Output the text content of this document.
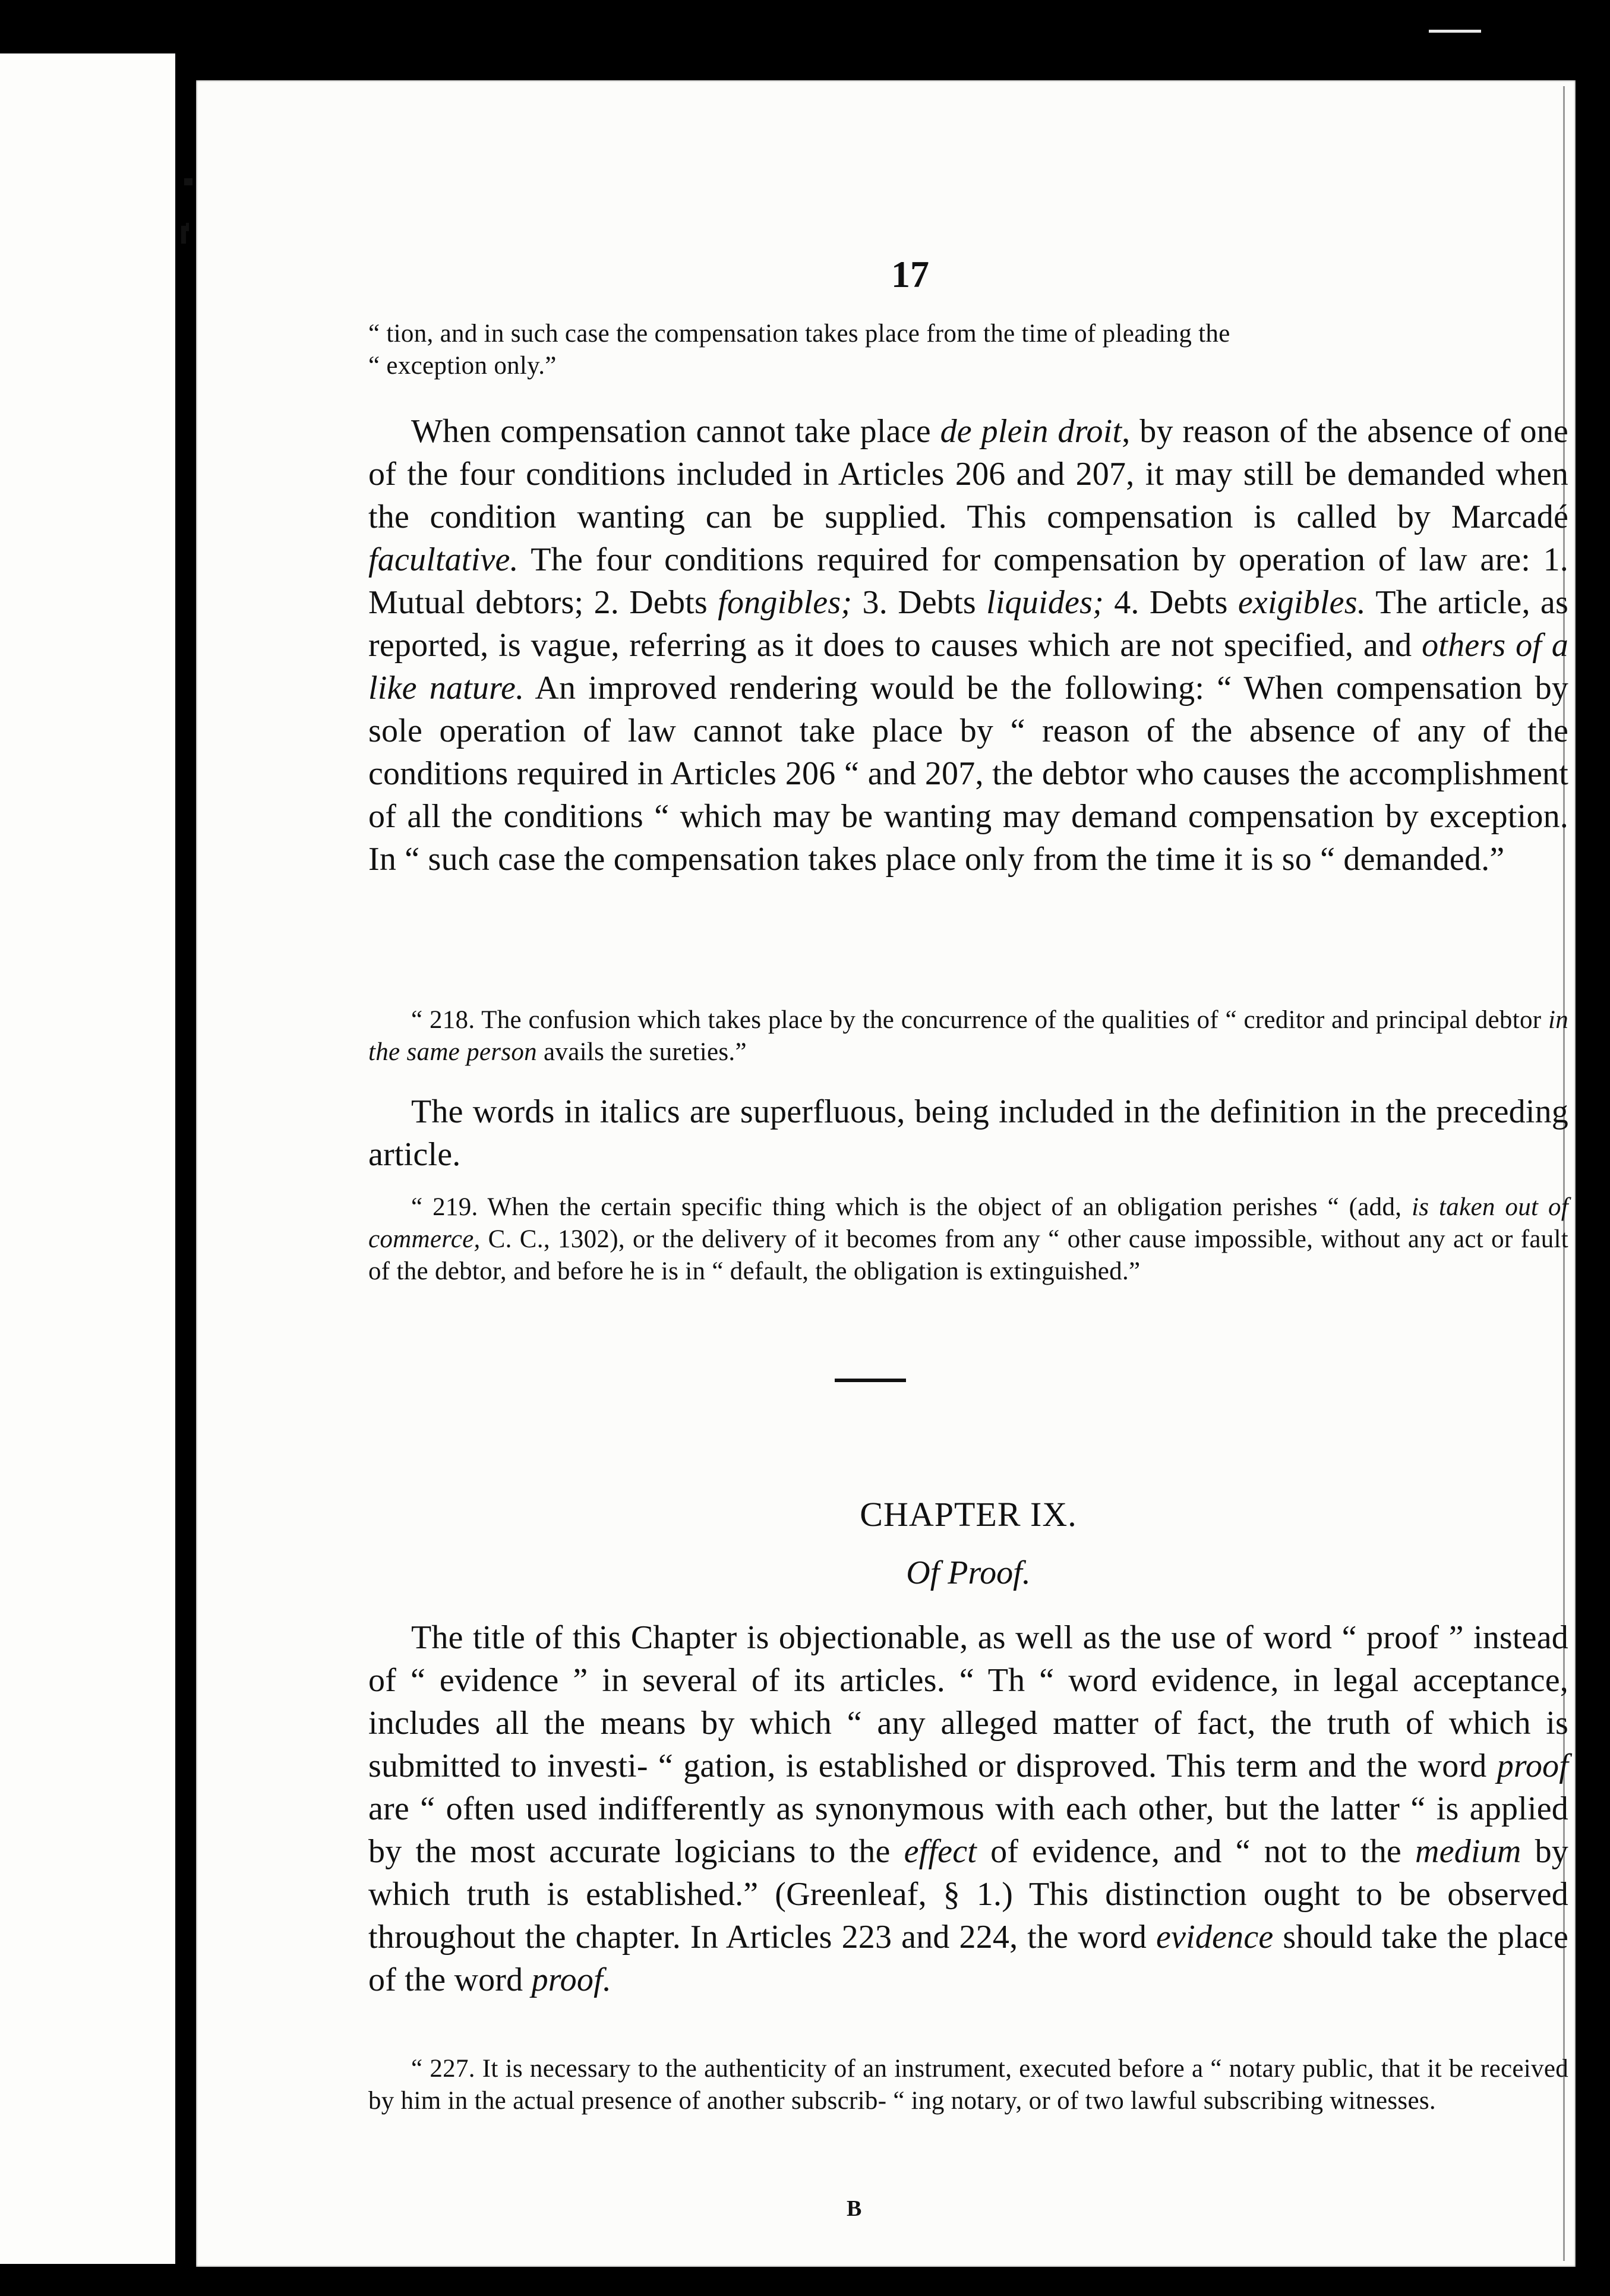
17

“ tion, and in such case the compensation takes place from the time of pleading the

“ exception only.”

When compensation cannot take place de plein droit, by reason of the absence of one of the four conditions included in Articles 206 and 207, it may still be demanded when the condition wanting can be supplied. This compensation is called by Marcadé facultative. The four conditions required for compensation by operation of law are: 1. Mutual debtors; 2. Debts fongibles; 3. Debts liquides; 4. Debts exigibles. The article, as reported, is vague, referring as it does to causes which are not specified, and others of a like nature. An improved rendering would be the following: “ When compensation by sole operation of law cannot take place by “ reason of the absence of any of the conditions required in Articles 206 “ and 207, the debtor who causes the accomplishment of all the conditions “ which may be wanting may demand compensation by exception. In “ such case the compensation takes place only from the time it is so “ demanded.”

“ 218. The confusion which takes place by the concurrence of the qualities of “ creditor and principal debtor in the same person avails the sureties.”

The words in italics are superfluous, being included in the definition in the preceding article.

“ 219. When the certain specific thing which is the object of an obligation perishes “ (add, is taken out of commerce, C. C., 1302), or the delivery of it becomes from any “ other cause impossible, without any act or fault of the debtor, and before he is in “ default, the obligation is extinguished.”

CHAPTER IX.
Of Proof.

The title of this Chapter is objectionable, as well as the use of word “ proof ” instead of “ evidence ” in several of its articles. “ Th “ word evidence, in legal acceptance, includes all the means by which “ any alleged matter of fact, the truth of which is submitted to investi- “ gation, is established or disproved. This term and the word proof are “ often used indifferently as synonymous with each other, but the latter “ is applied by the most accurate logicians to the effect of evidence, and “ not to the medium by which truth is established.” (Greenleaf, § 1.) This distinction ought to be observed throughout the chapter. In Articles 223 and 224, the word evidence should take the place of the word proof.

“ 227. It is necessary to the authenticity of an instrument, executed before a “ notary public, that it be received by him in the actual presence of another subscrib- “ ing notary, or of two lawful subscribing witnesses.

B
